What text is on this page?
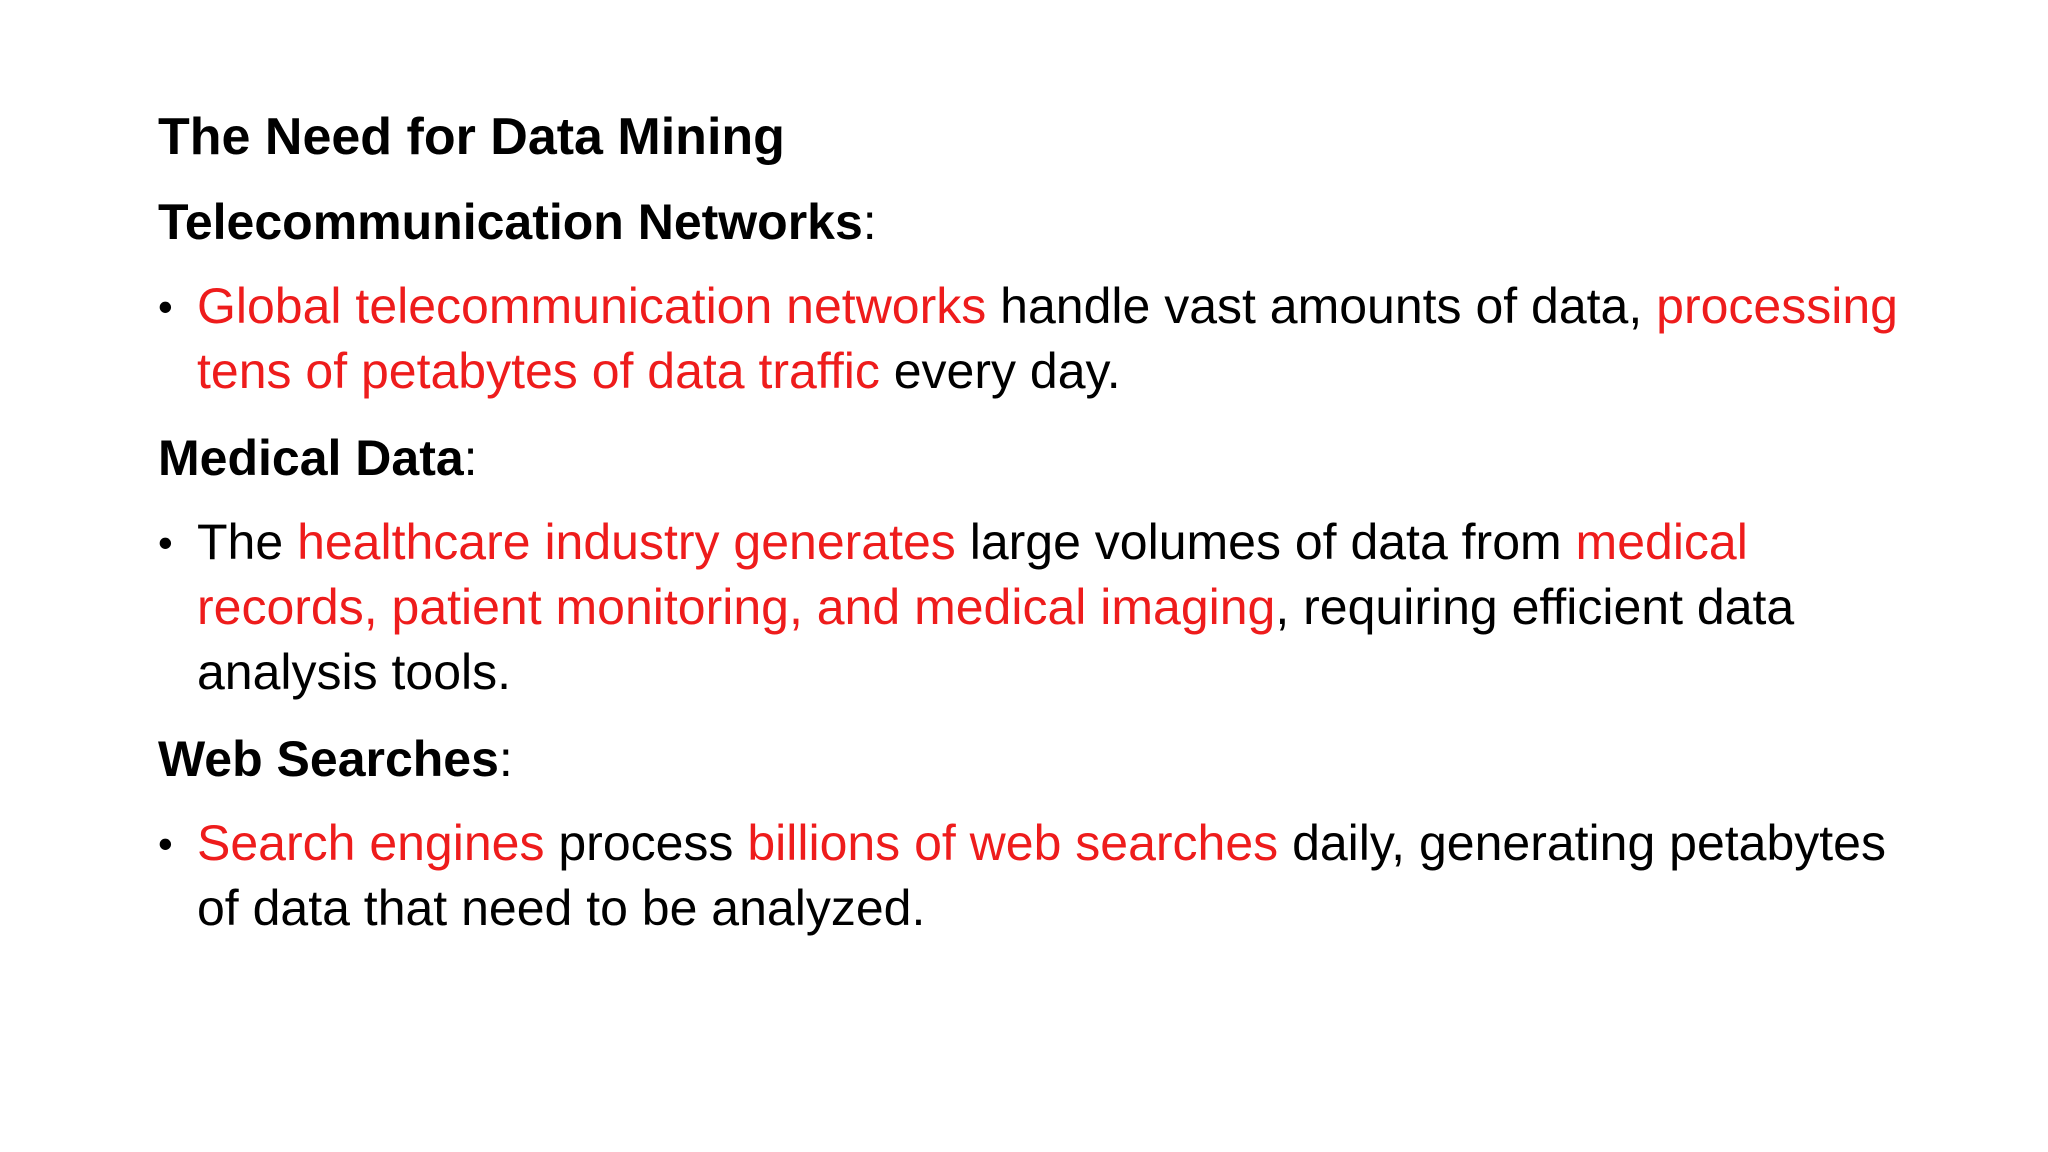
The Need for Data Mining
Telecommunication Networks:
• Global telecommunication networks handle vast amounts of data, processing tens of petabytes of data traffic every day.
Medical Data:
• The healthcare industry generates large volumes of data from medical records, patient monitoring, and medical imaging, requiring efficient data analysis tools.
Web Searches:
• Search engines process billions of web searches daily, generating petabytes of data that need to be analyzed.
